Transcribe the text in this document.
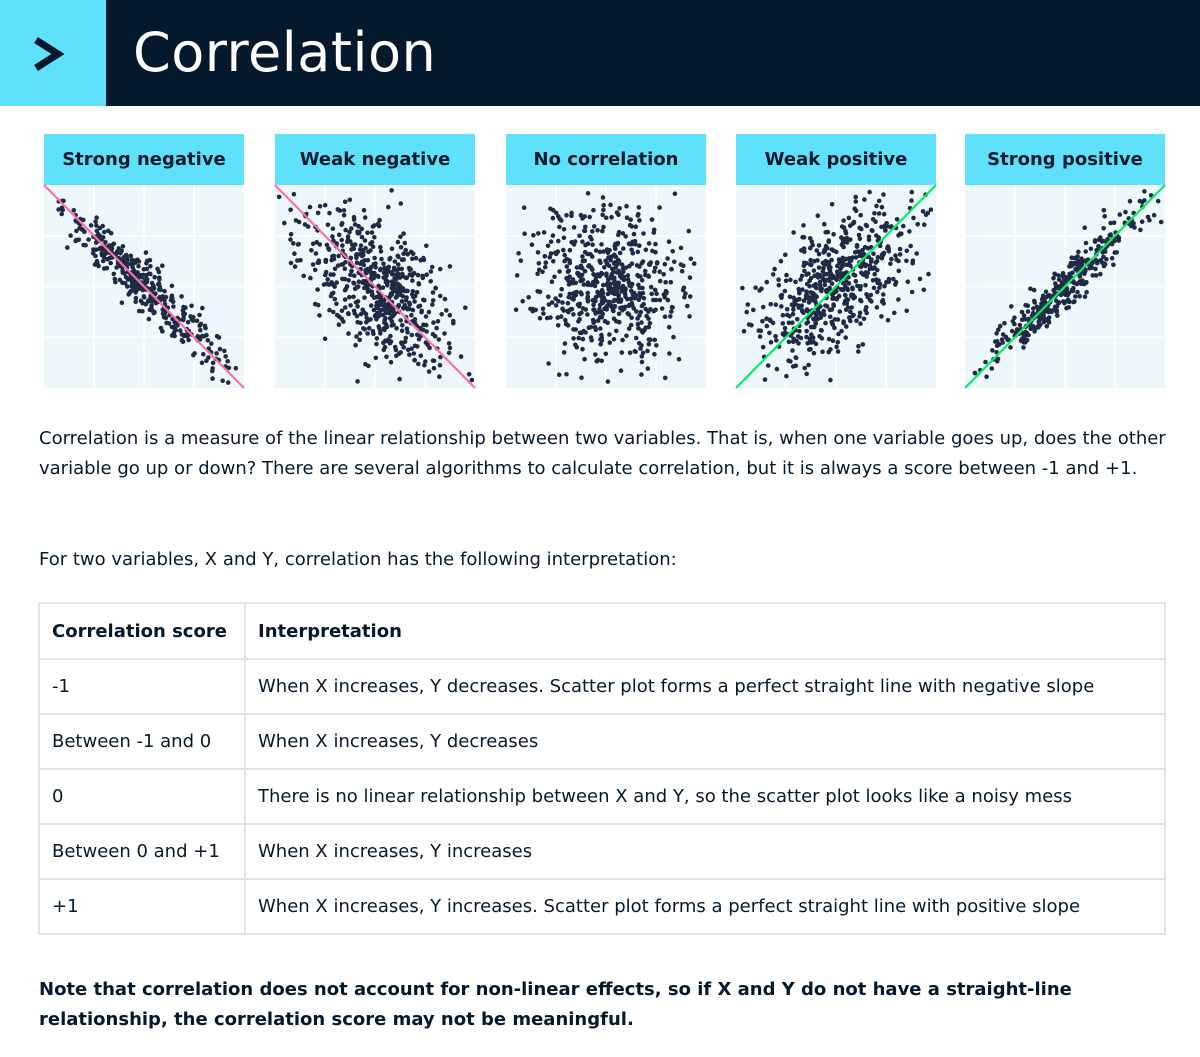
Correlation
Strong negative	Weak negative	No correlation	Weak positive	Strong positive
Correlation is a measure of the linear relationship between two variables. That is, when one variable goes up, does the other variable go up or down? There are several algorithms to calculate correlation, but it is always a score between -1 and +1.
For two variables, X and Y, correlation has the following interpretation:
Correlation score	Interpretation
-1	When X increases, Y decreases. Scatter plot forms a perfect straight line with negative slope
Between -1 and 0	When X increases, Y decreases
0	There is no linear relationship between X and Y, so the scatter plot looks like a noisy mess
Between 0 and +1	When X increases, Y increases
+1	When X increases, Y increases. Scatter plot forms a perfect straight line with positive slope
Note that correlation does not account for non-linear effects, so if X and Y do not have a straight-line relationship, the correlation score may not be meaningful.
